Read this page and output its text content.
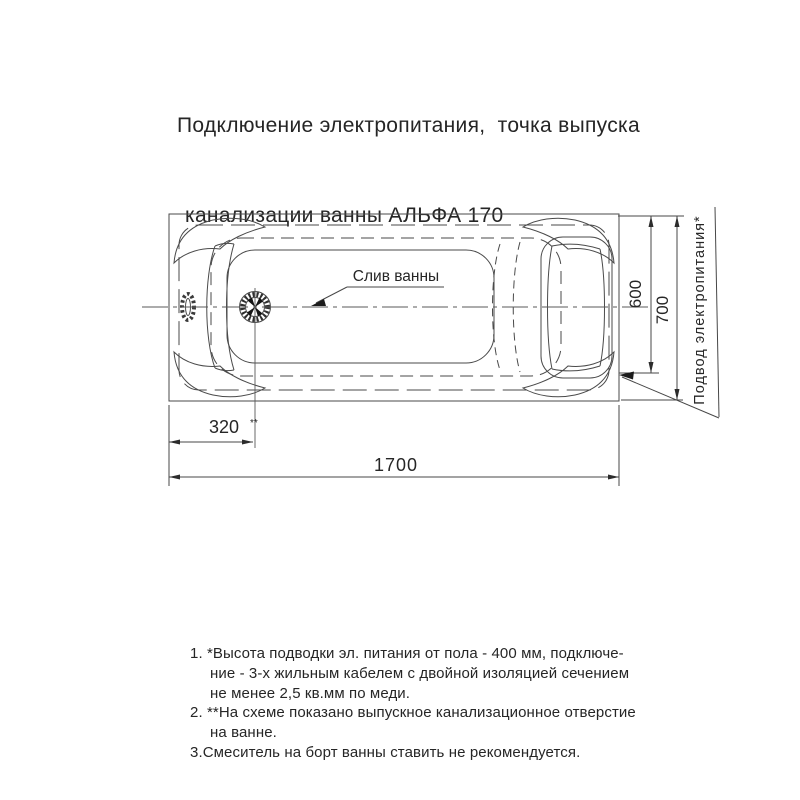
Подключение электропитания,  точка выпуска

канализации ванны АЛЬФА 170

320 **
1700
600
700
Слив ванны	Подвод электропитания*
1. *Высота подводки эл. питания от пола - 400 мм, подключе-
ние - 3-х жильным кабелем с двойной изоляцией сечением
не менее 2,5 кв.мм по меди.
2. **На схеме показано выпускное канализационное отверстие
на ванне.
3.Смеситель на борт ванны ставить не рекомендуется.
